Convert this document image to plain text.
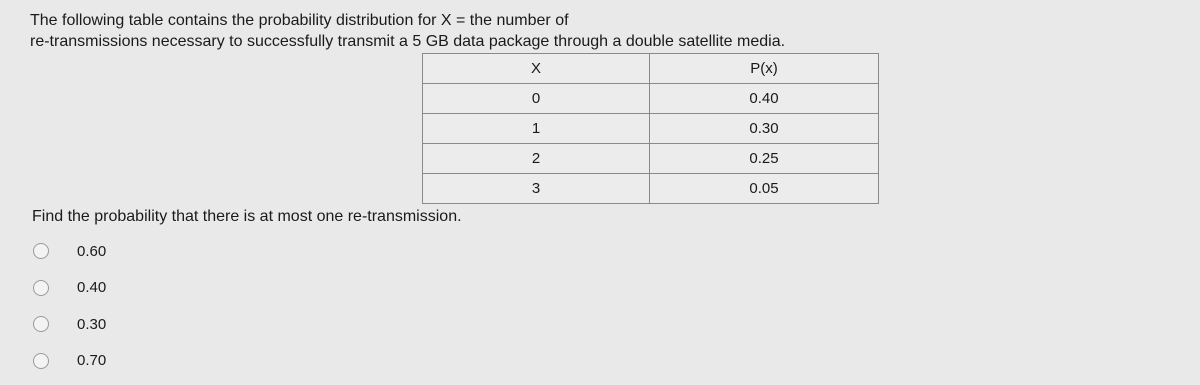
The following table contains the probability distribution for X = the number of
re-transmissions necessary to successfully transmit a 5 GB data package through a double satellite media.

X	P(x)
0	0.40
1	0.30
2	0.25
3	0.05

Find the probability that there is at most one re-transmission.

0.60
0.40
0.30
0.70
